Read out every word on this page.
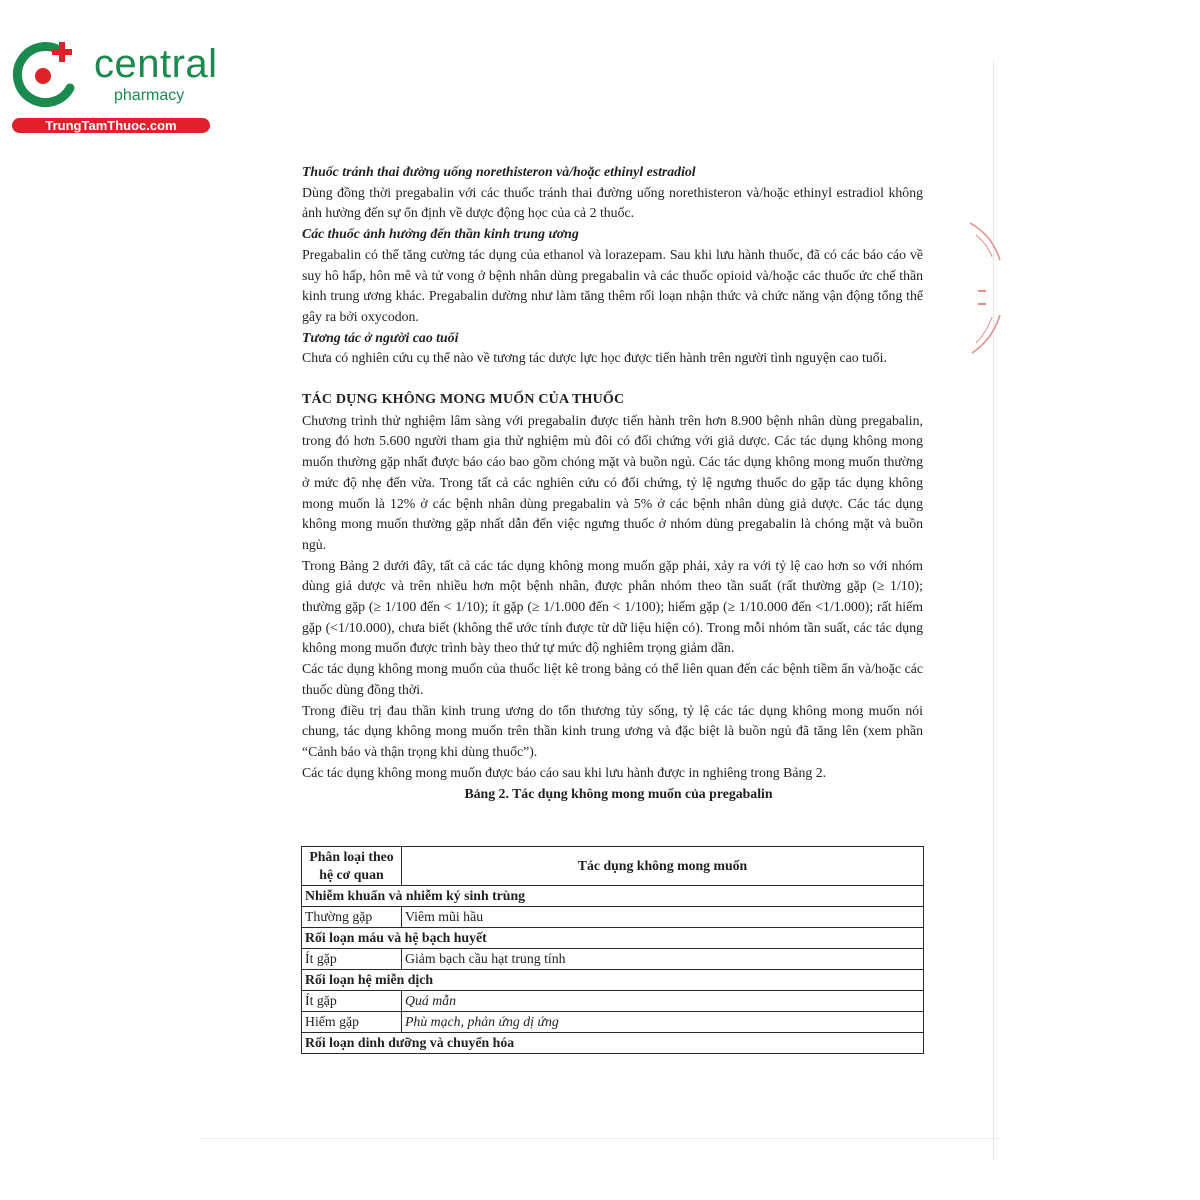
central
pharmacy
TrungTamThuoc.com

Thuốc tránh thai đường uống norethisteron và/hoặc ethinyl estradiol

Dùng đồng thời pregabalin với các thuốc tránh thai đường uống norethisteron và/hoặc ethinyl estradiol không ảnh hưởng đến sự ổn định về dược động học của cả 2 thuốc.

Các thuốc ảnh hưởng đến thần kinh trung ương

Pregabalin có thể tăng cường tác dụng của ethanol và lorazepam. Sau khi lưu hành thuốc, đã có các báo cáo về suy hô hấp, hôn mê và tử vong ở bệnh nhân dùng pregabalin và các thuốc opioid và/hoặc các thuốc ức chế thần kinh trung ương khác. Pregabalin dường như làm tăng thêm rối loạn nhận thức và chức năng vận động tổng thể gây ra bởi oxycodon.

Tương tác ở người cao tuổi

Chưa có nghiên cứu cụ thể nào về tương tác dược lực học được tiến hành trên người tình nguyện cao tuổi.

TÁC DỤNG KHÔNG MONG MUỐN CỦA THUỐC

Chương trình thử nghiệm lâm sàng với pregabalin được tiến hành trên hơn 8.900 bệnh nhân dùng pregabalin, trong đó hơn 5.600 người tham gia thử nghiệm mù đôi có đối chứng với giả dược. Các tác dụng không mong muốn thường gặp nhất được báo cáo bao gồm chóng mặt và buồn ngủ. Các tác dụng không mong muốn thường ở mức độ nhẹ đến vừa. Trong tất cả các nghiên cứu có đối chứng, tỷ lệ ngưng thuốc do gặp tác dụng không mong muốn là 12% ở các bệnh nhân dùng pregabalin và 5% ở các bệnh nhân dùng giả dược. Các tác dụng không mong muốn thường gặp nhất dẫn đến việc ngưng thuốc ở nhóm dùng pregabalin là chóng mặt và buồn ngủ.

Trong Bảng 2 dưới đây, tất cả các tác dụng không mong muốn gặp phải, xảy ra với tỷ lệ cao hơn so với nhóm dùng giả dược và trên nhiều hơn một bệnh nhân, được phân nhóm theo tần suất (rất thường gặp (≥ 1/10); thường gặp (≥ 1/100 đến < 1/10); ít gặp (≥ 1/1.000 đến < 1/100); hiếm gặp (≥ 1/10.000 đến <1/1.000); rất hiếm gặp (<1/10.000), chưa biết (không thể ước tính được từ dữ liệu hiện có). Trong mỗi nhóm tần suất, các tác dụng không mong muốn được trình bày theo thứ tự mức độ nghiêm trọng giảm dần.

Các tác dụng không mong muốn của thuốc liệt kê trong bảng có thể liên quan đến các bệnh tiềm ẩn và/hoặc các thuốc dùng đồng thời.

Trong điều trị đau thần kinh trung ương do tổn thương tủy sống, tỷ lệ các tác dụng không mong muốn nói chung, tác dụng không mong muốn trên thần kinh trung ương và đặc biệt là buồn ngủ đã tăng lên (xem phần “Cảnh báo và thận trọng khi dùng thuốc”).

Các tác dụng không mong muốn được báo cáo sau khi lưu hành được in nghiêng trong Bảng 2.

Bảng 2. Tác dụng không mong muốn của pregabalin

Phân loại theo hệ cơ quan	Tác dụng không mong muốn
Nhiễm khuẩn và nhiễm ký sinh trùng	
Thường gặp	Viêm mũi hầu
Rối loạn máu và hệ bạch huyết	
Ít gặp	Giảm bạch cầu hạt trung tính
Rối loạn hệ miễn dịch	
Ít gặp	Quá mẫn
Hiếm gặp	Phù mạch, phản ứng dị ứng
Rối loạn dinh dưỡng và chuyển hóa	
